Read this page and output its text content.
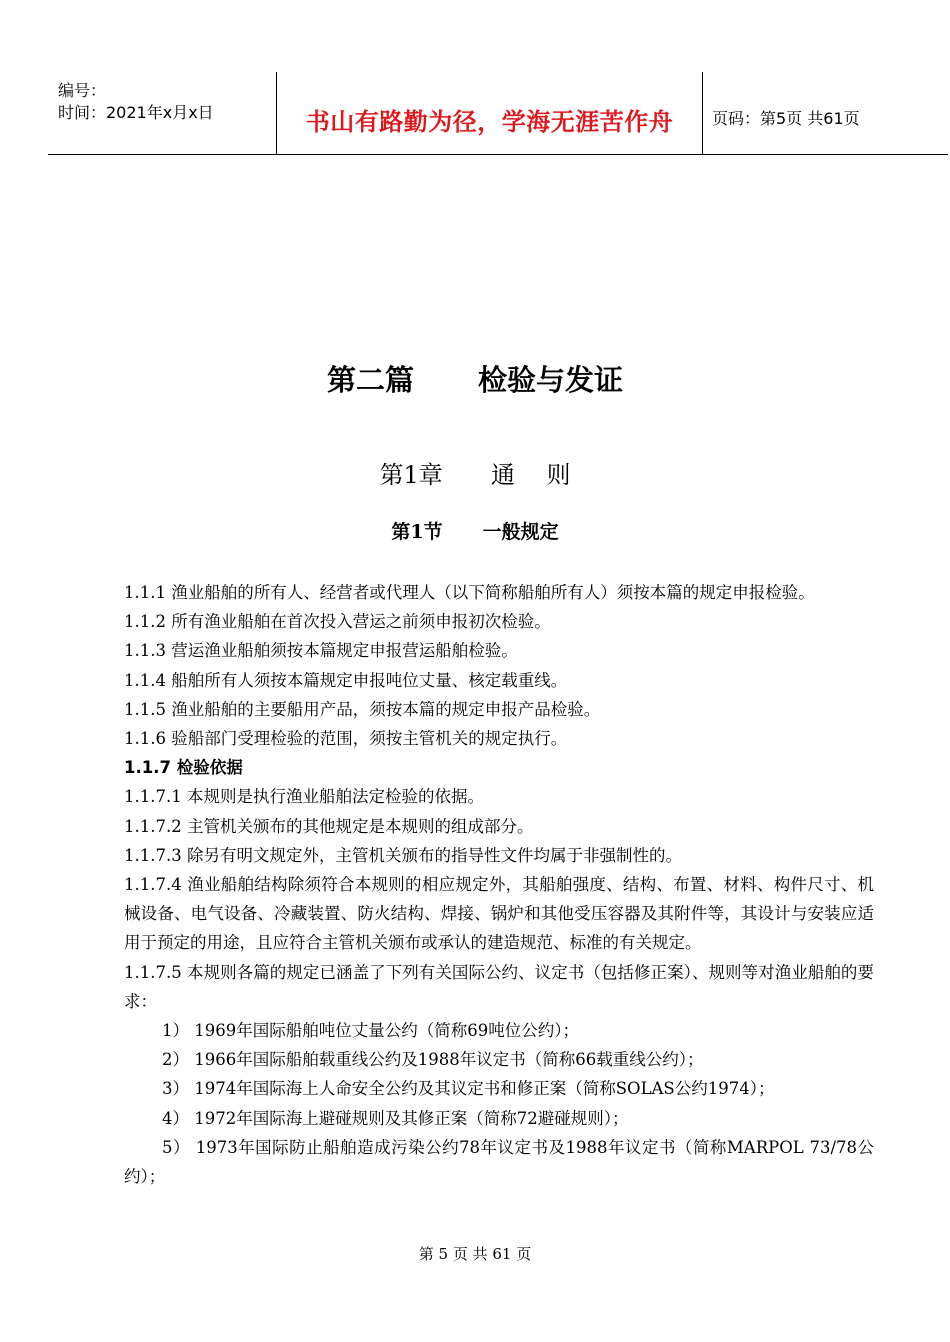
编号：
时间：2021年x月x日	书山有路勤为径，学海无涯苦作舟	页码：第5页 共61页
第二篇 检验与发证
第1章 通　 则
第1节 一般规定

1.1.1 渔业船舶的所有人、经营者或代理人（以下简称船舶所有人）须按本篇的规定申报检验。

1.1.2 所有渔业船舶在首次投入营运之前须申报初次检验。

1.1.3 营运渔业船舶须按本篇规定申报营运船舶检验。

1.1.4 船舶所有人须按本篇规定申报吨位丈量、核定载重线。

1.1.5 渔业船舶的主要船用产品，须按本篇的规定申报产品检验。

1.1.6 验船部门受理检验的范围，须按主管机关的规定执行。

1.1.7 检验依据

1.1.7.1 本规则是执行渔业船舶法定检验的依据。

1.1.7.2 主管机关颁布的其他规定是本规则的组成部分。

1.1.7.3 除另有明文规定外，主管机关颁布的指导性文件均属于非强制性的。

1.1.7.4 渔业船舶结构除须符合本规则的相应规定外，其船舶强度、结构、布置、材料、构件尺寸、机械设备、电气设备、冷藏装置、防火结构、焊接、锅炉和其他受压容器及其附件等，其设计与安装应适用于预定的用途，且应符合主管机关颁布或承认的建造规范、标准的有关规定。

1.1.7.5 本规则各篇的规定已涵盖了下列有关国际公约、议定书（包括修正案）、规则等对渔业船舶的要求：

1） 1969年国际船舶吨位丈量公约（简称69吨位公约）；

2） 1966年国际船舶载重线公约及1988年议定书（简称66载重线公约）；

3） 1974年国际海上人命安全公约及其议定书和修正案（简称SOLAS公约1974）；

4） 1972年国际海上避碰规则及其修正案（简称72避碰规则）；

5） 1973年国际防止船舶造成污染公约78年议定书及1988年议定书（简称MARPOL 73/78公约）；

第 5 页 共 61 页
